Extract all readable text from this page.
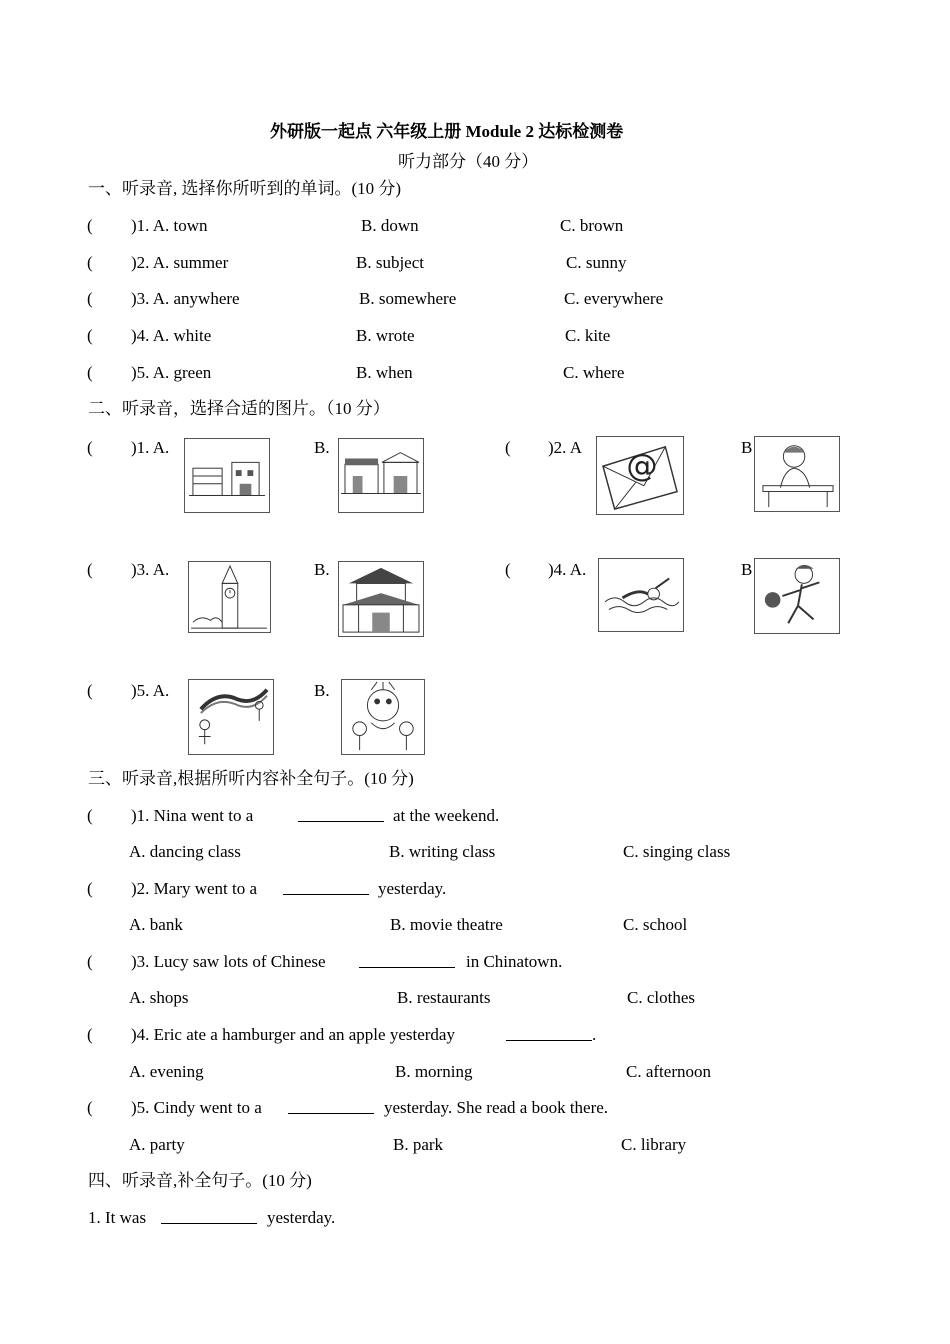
外研版一起点 六年级上册 Module 2 达标检测卷
听力部分（40 分）
一、听录音, 选择你所听到的单词。(10 分)
( )1. A. town	B. down	C. brown
( )2. A. summer	B. subject	C. sunny
( )3. A. anywhere	B. somewhere	C. everywhere
( )4. A. white	B. wrote	C. kite
( )5. A. green	B. when	C. where
二、听录音，选择合适的图片。（10 分）
( )1. A.	B.	( )2. A
@
B
( )3. A.	B.	( )4. A.	B
( )5. A.	B.
三、听录音,根据所听内容补全句子。(10 分)
( )1. Nina went to a	at the weekend.
A. dancing class	B. writing class	C. singing class
( )2. Mary went to a	yesterday.
A. bank	B. movie theatre	C. school
( )3. Lucy saw lots of Chinese	in Chinatown.
A. shops	B. restaurants	C. clothes
( )4. Eric ate a hamburger and an apple yesterday	.
A. evening	B. morning	C. afternoon
( )5. Cindy went to a	yesterday. She read a book there.
A. party	B. park	C. library
四、听录音,补全句子。(10 分)
1. It was	yesterday.
